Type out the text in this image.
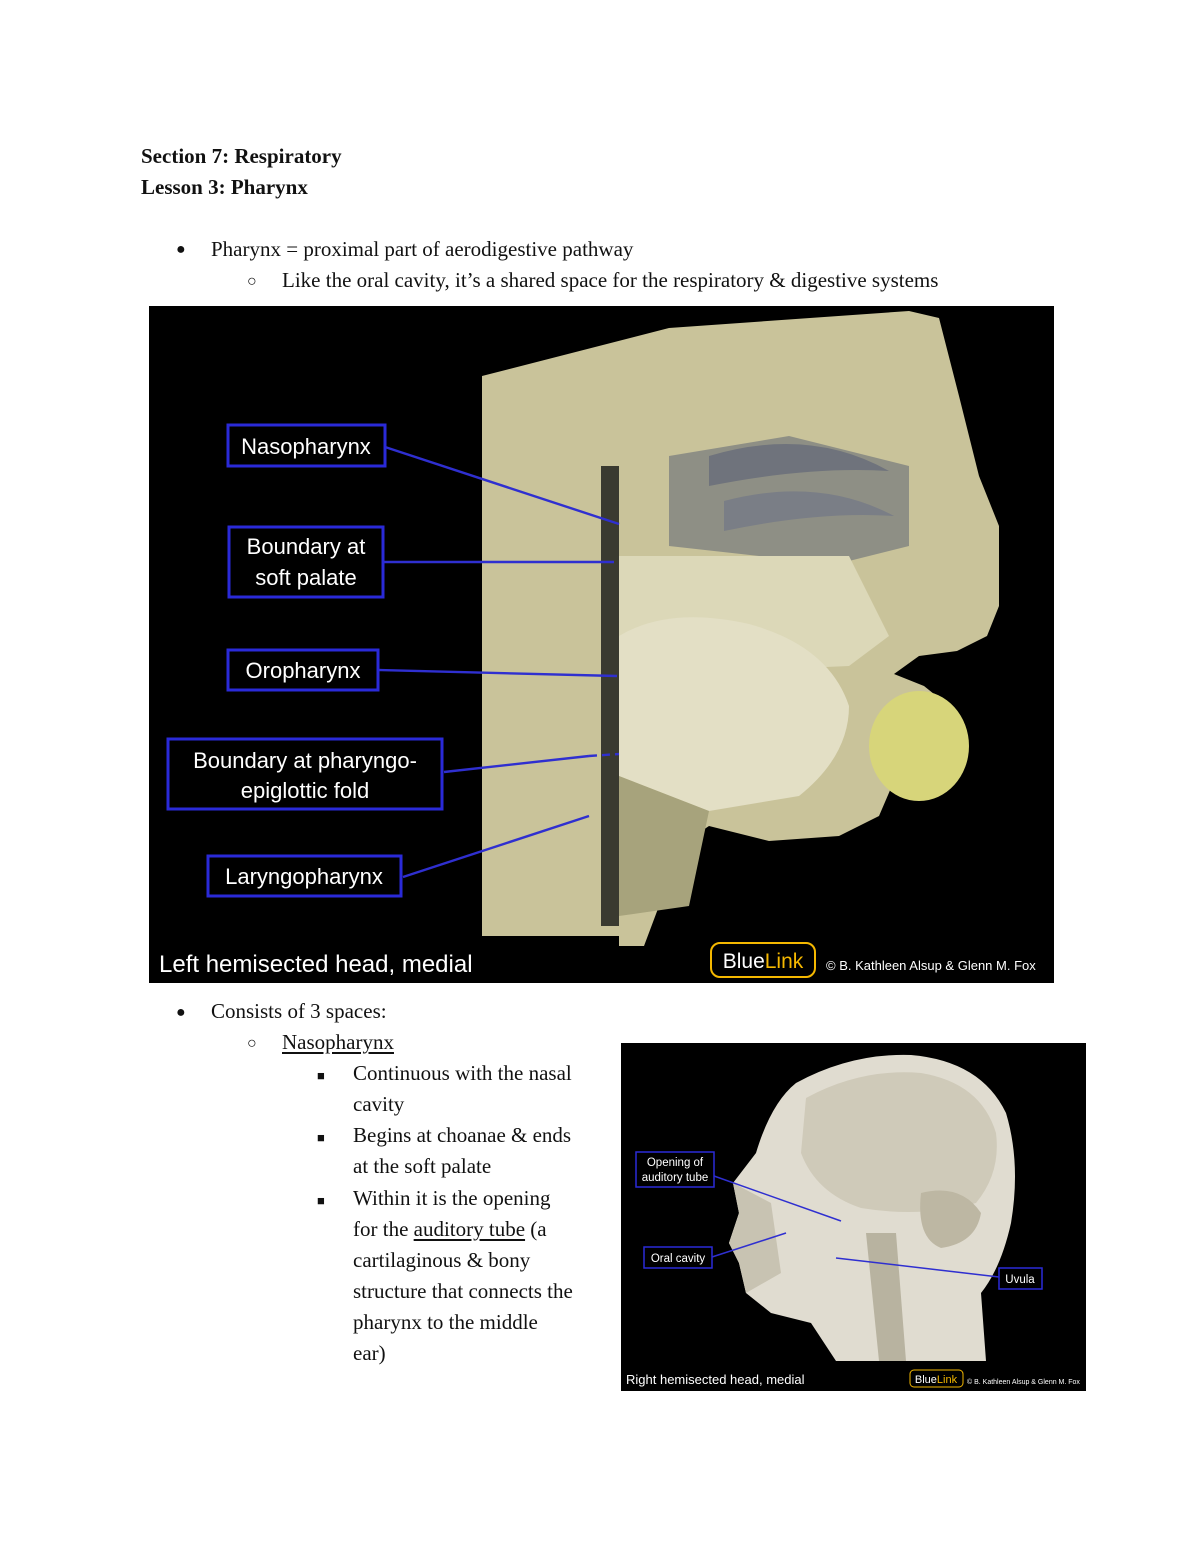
Section 7: Respiratory
Lesson 3: Pharynx
● Pharynx = proximal part of aerodigestive pathway
○ Like the oral cavity, it’s a shared space for the respiratory & digestive systems
Nasopharynx
Boundary at
soft palate
Oropharynx
Boundary at pharyngo-
epiglottic fold
Laryngopharynx
Left hemisected head, medial	BlueLink © B. Kathleen Alsup & Glenn M. Fox
● Consists of 3 spaces:
○ Nasopharynx
■ Continuous with the nasal
cavity
■ Begins at choanae & ends
at the soft palate
■ Within it is the opening
for the auditory tube (a
cartilaginous & bony
structure that connects the
pharynx to the middle
ear)
Opening of
auditory tube
Oral cavity
Uvula
Right hemisected head, medial	BlueLink © B. Kathleen Alsup & Glenn M. Fox
